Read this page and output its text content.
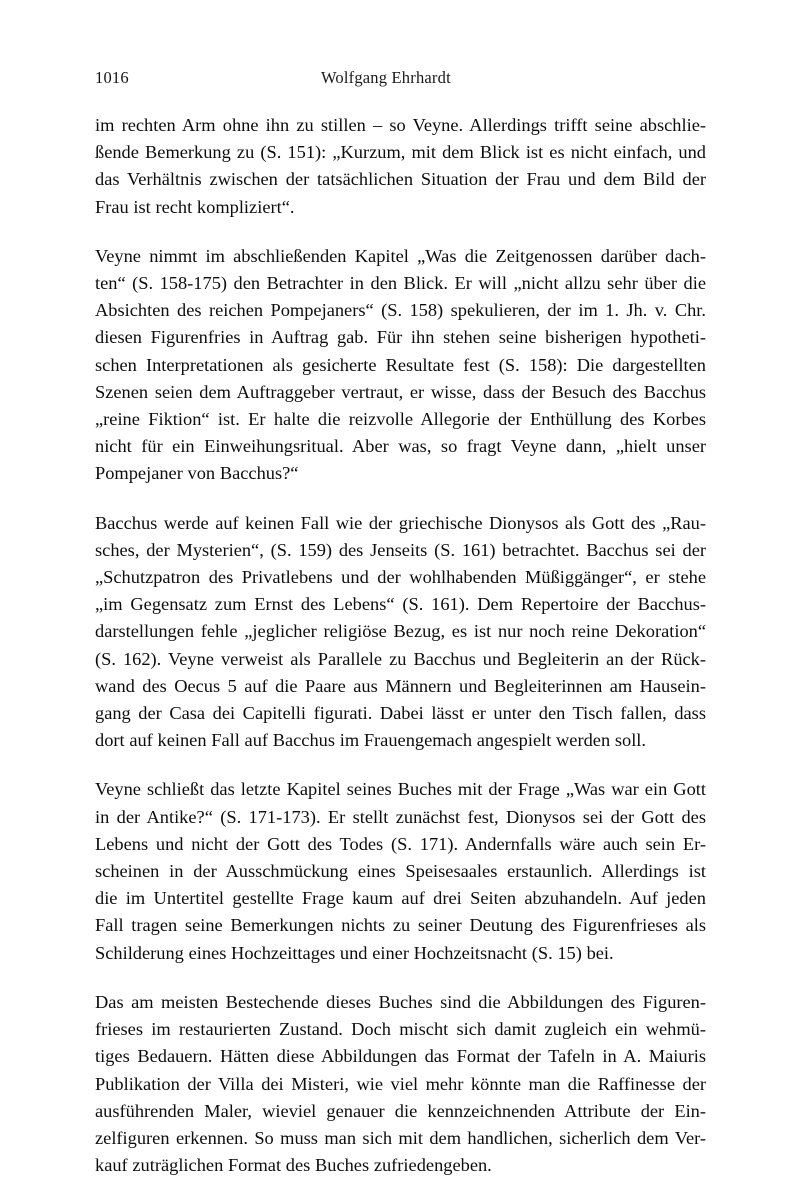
1016	Wolfgang Ehrhardt

im rechten Arm ohne ihn zu stillen – so Veyne. Allerdings trifft seine abschlie-
ßende Bemerkung zu (S. 151): „Kurzum, mit dem Blick ist es nicht einfach, und
das Verhältnis zwischen der tatsächlichen Situation der Frau und dem Bild der
Frau ist recht kompliziert“.

Veyne nimmt im abschließenden Kapitel „Was die Zeitgenossen darüber dach-
ten“ (S. 158-175) den Betrachter in den Blick. Er will „nicht allzu sehr über die
Absichten des reichen Pompejaners“ (S. 158) spekulieren, der im 1. Jh. v. Chr.
diesen Figurenfries in Auftrag gab. Für ihn stehen seine bisherigen hypotheti-
schen Interpretationen als gesicherte Resultate fest (S. 158): Die dargestellten
Szenen seien dem Auftraggeber vertraut, er wisse, dass der Besuch des Bacchus
„reine Fiktion“ ist. Er halte die reizvolle Allegorie der Enthüllung des Korbes
nicht für ein Einweihungsritual. Aber was, so fragt Veyne dann, „hielt unser
Pompejaner von Bacchus?“

Bacchus werde auf keinen Fall wie der griechische Dionysos als Gott des „Rau-
sches, der Mysterien“, (S. 159) des Jenseits (S. 161) betrachtet. Bacchus sei der
„Schutzpatron des Privatlebens und der wohlhabenden Müßiggänger“, er stehe
„im Gegensatz zum Ernst des Lebens“ (S. 161). Dem Repertoire der Bacchus-
darstellungen fehle „jeglicher religiöse Bezug, es ist nur noch reine Dekoration“
(S. 162). Veyne verweist als Parallele zu Bacchus und Begleiterin an der Rück-
wand des Oecus 5 auf die Paare aus Männern und Begleiterinnen am Hausein-
gang der Casa dei Capitelli figurati. Dabei lässt er unter den Tisch fallen, dass
dort auf keinen Fall auf Bacchus im Frauengemach angespielt werden soll.

Veyne schließt das letzte Kapitel seines Buches mit der Frage „Was war ein Gott
in der Antike?“ (S. 171-173). Er stellt zunächst fest, Dionysos sei der Gott des
Lebens und nicht der Gott des Todes (S. 171). Andernfalls wäre auch sein Er-
scheinen in der Ausschmückung eines Speisesaales erstaunlich. Allerdings ist
die im Untertitel gestellte Frage kaum auf drei Seiten abzuhandeln. Auf jeden
Fall tragen seine Bemerkungen nichts zu seiner Deutung des Figurenfrieses als
Schilderung eines Hochzeittages und einer Hochzeitsnacht (S. 15) bei.

Das am meisten Bestechende dieses Buches sind die Abbildungen des Figuren-
frieses im restaurierten Zustand. Doch mischt sich damit zugleich ein wehmü-
tiges Bedauern. Hätten diese Abbildungen das Format der Tafeln in A. Maiuris
Publikation der Villa dei Misteri, wie viel mehr könnte man die Raffinesse der
ausführenden Maler, wieviel genauer die kennzeichnenden Attribute der Ein-
zelfiguren erkennen. So muss man sich mit dem handlichen, sicherlich dem Ver-
kauf zuträglichen Format des Buches zufriedengeben.
